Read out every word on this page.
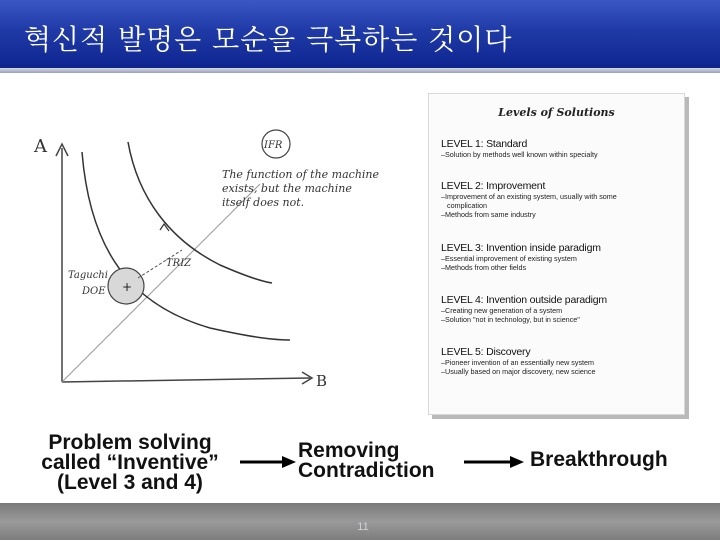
혁신적 발명은 모순을 극복하는 것이다
A
B
+
Taguchi
DOE
TRIZ
IFR
The function of the machine
exists, but the machine
itself does not.
Levels of Solutions
LEVEL 1: Standard
–Solution by methods well known within specialty
LEVEL 2: Improvement
–Improvement of an existing system, usually with some
complication
–Methods from same industry
LEVEL 3: Invention inside paradigm
–Essential improvement of existing system
–Methods from other fields
LEVEL 4: Invention outside paradigm
–Creating new generation of a system
–Solution "not in technology, but in science"
LEVEL 5: Discovery
–Pioneer invention of an essentially new system
–Usually based on major discovery, new science
Problem solving
called “Inventive”
(Level 3 and 4)
Removing
Contradiction	Breakthrough
11
